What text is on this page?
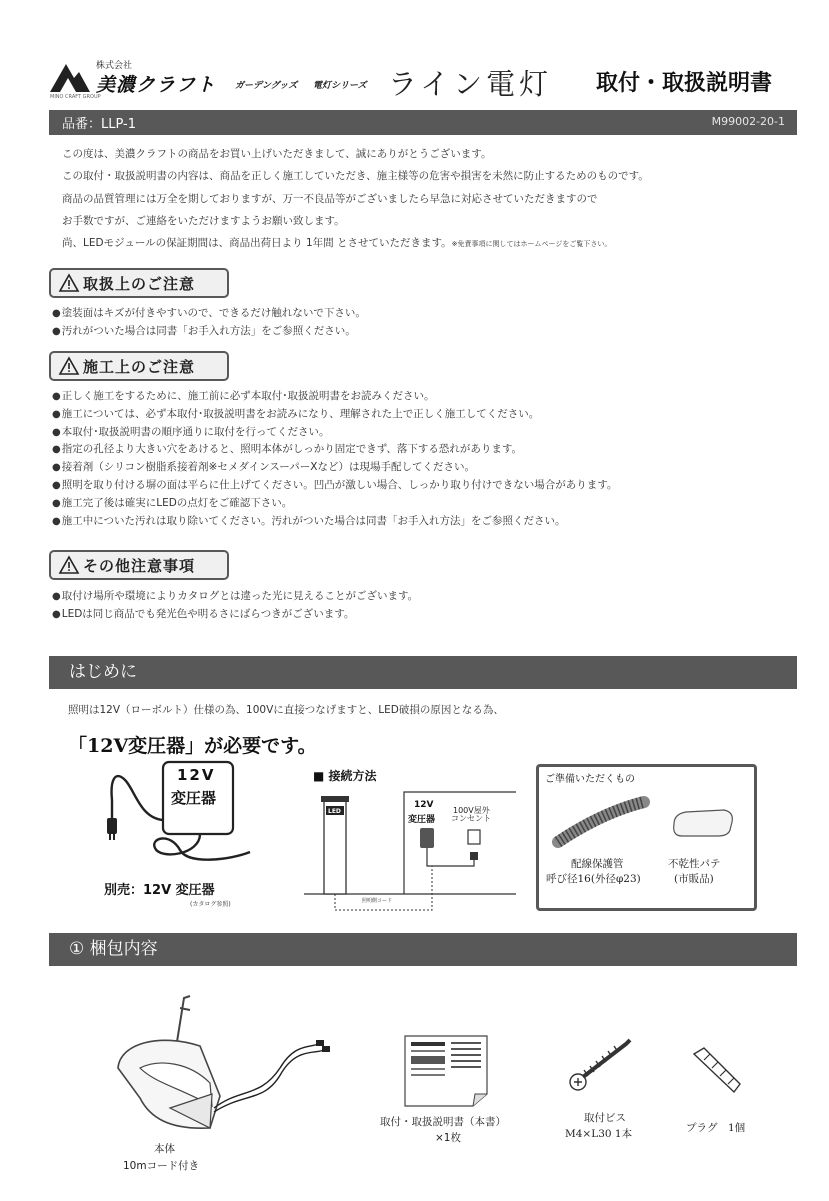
株式会社
美濃クラフト
MINO CRAFT GROUP
ガーデングッズ 電灯シリーズ ライン電灯 取付・取扱説明書
品番：LLP-1	M99002-20-1

この度は、美濃クラフトの商品をお買い上げいただきまして、誠にありがとうございます。

この取付・取扱説明書の内容は、商品を正しく施工していただき、施主様等の危害や損害を未然に防止するためのものです。

商品の品質管理には万全を期しておりますが、万一不良品等がございましたら早急に対応させていただきますので

お手数ですが、ご連絡をいただけますようお願い致します。

尚、LEDモジュールの保証期間は、商品出荷日より 1年間 とさせていただきます。※免責事項に関してはホームページをご覧下さい。

取扱上のご注意
● 塗装面はキズが付きやすいので、できるだけ触れないで下さい。
● 汚れがついた場合は同書「お手入れ方法」をご参照ください。
施工上のご注意
● 正しく施工をするために、施工前に必ず本取付･取扱説明書をお読みください。
● 施工については、必ず本取付･取扱説明書をお読みになり、理解された上で正しく施工してください。
● 本取付･取扱説明書の順序通りに取付を行ってください。
● 指定の孔径より大きい穴をあけると、照明本体がしっかり固定できず、落下する恐れがあります。
● 接着剤（シリコン樹脂系接着剤※セメダインスーパーXなど）は現場手配してください。
● 照明を取り付ける塀の面は平らに仕上げてください。凹凸が激しい場合、しっかり取り付けできない場合があります。
● 施工完了後は確実にLEDの点灯をご確認下さい。
● 施工中についた汚れは取り除いてください。汚れがついた場合は同書「お手入れ方法」をご参照ください。
その他注意事項
● 取付け場所や環境によりカタログとは違った光に見えることがございます。
● LEDは同じ商品でも発光色や明るさにばらつきがございます。
はじめに
照明は12V（ローボルト）仕様の為、100Vに直接つなげますと、LED破損の原因となる為、
「12V変圧器」が必要です。
12V
変圧器
別売：12V 変圧器
(カタログ参照)
■ 接続方法
LED
12V
変圧器
100V屋外
コンセント
照明側コード
ご準備いただくもの
配線保護管
呼び径16(外径φ23)
不乾性パテ
(市販品)
① 梱包内容
本体
10mコード付き
取付・取扱説明書（本書）
×1枚
取付ビス
M4×L30 1本	プラグ　1個
